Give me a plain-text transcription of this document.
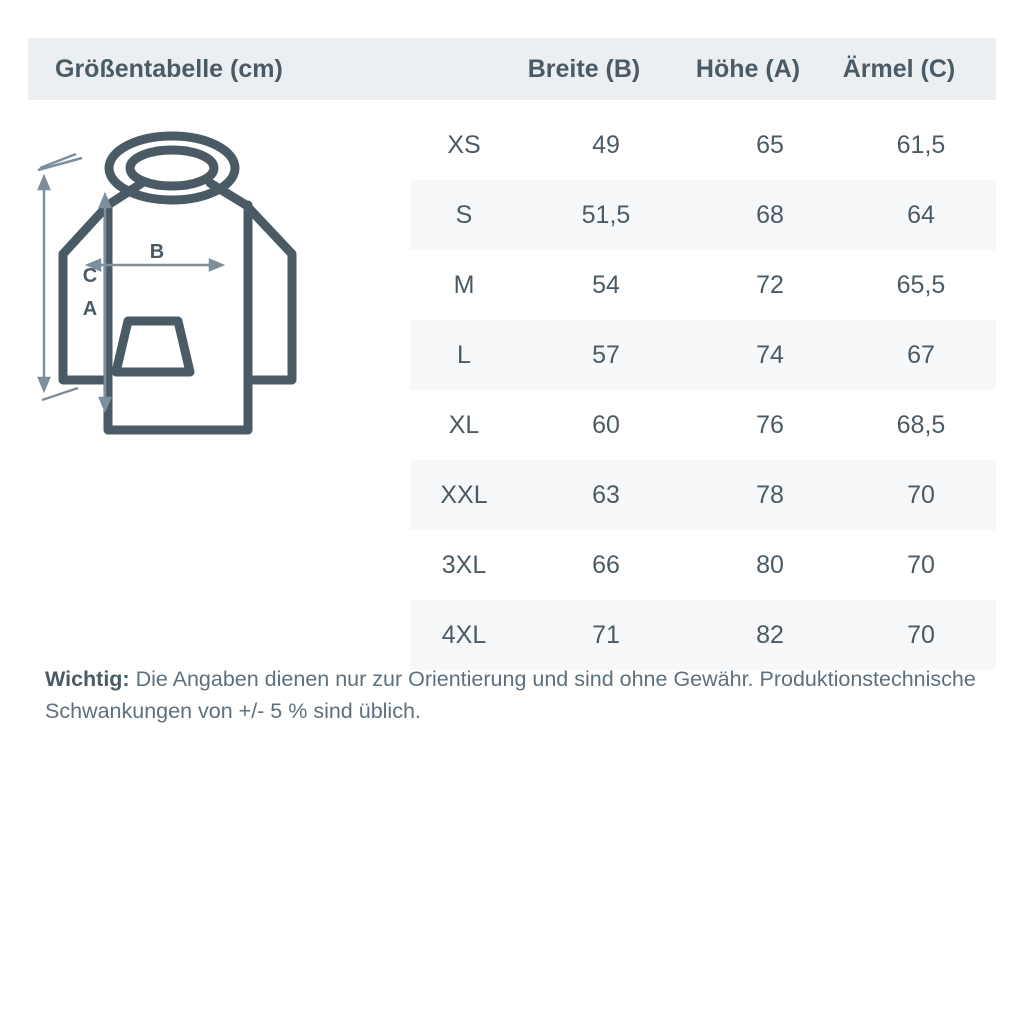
Größentabelle (cm)	Breite (B)	Höhe (A)	Ärmel (C)
B
A
C
XS	49	65	61,5
S	51,5	68	64
M	54	72	65,5
L	57	74	67
XL	60	76	68,5
XXL	63	78	70
3XL	66	80	70
4XL	71	82	70
Wichtig: Die Angaben dienen nur zur Orientierung und sind ohne Gewähr. Produktionstechnische Schwankungen von +/- 5 % sind üblich.
